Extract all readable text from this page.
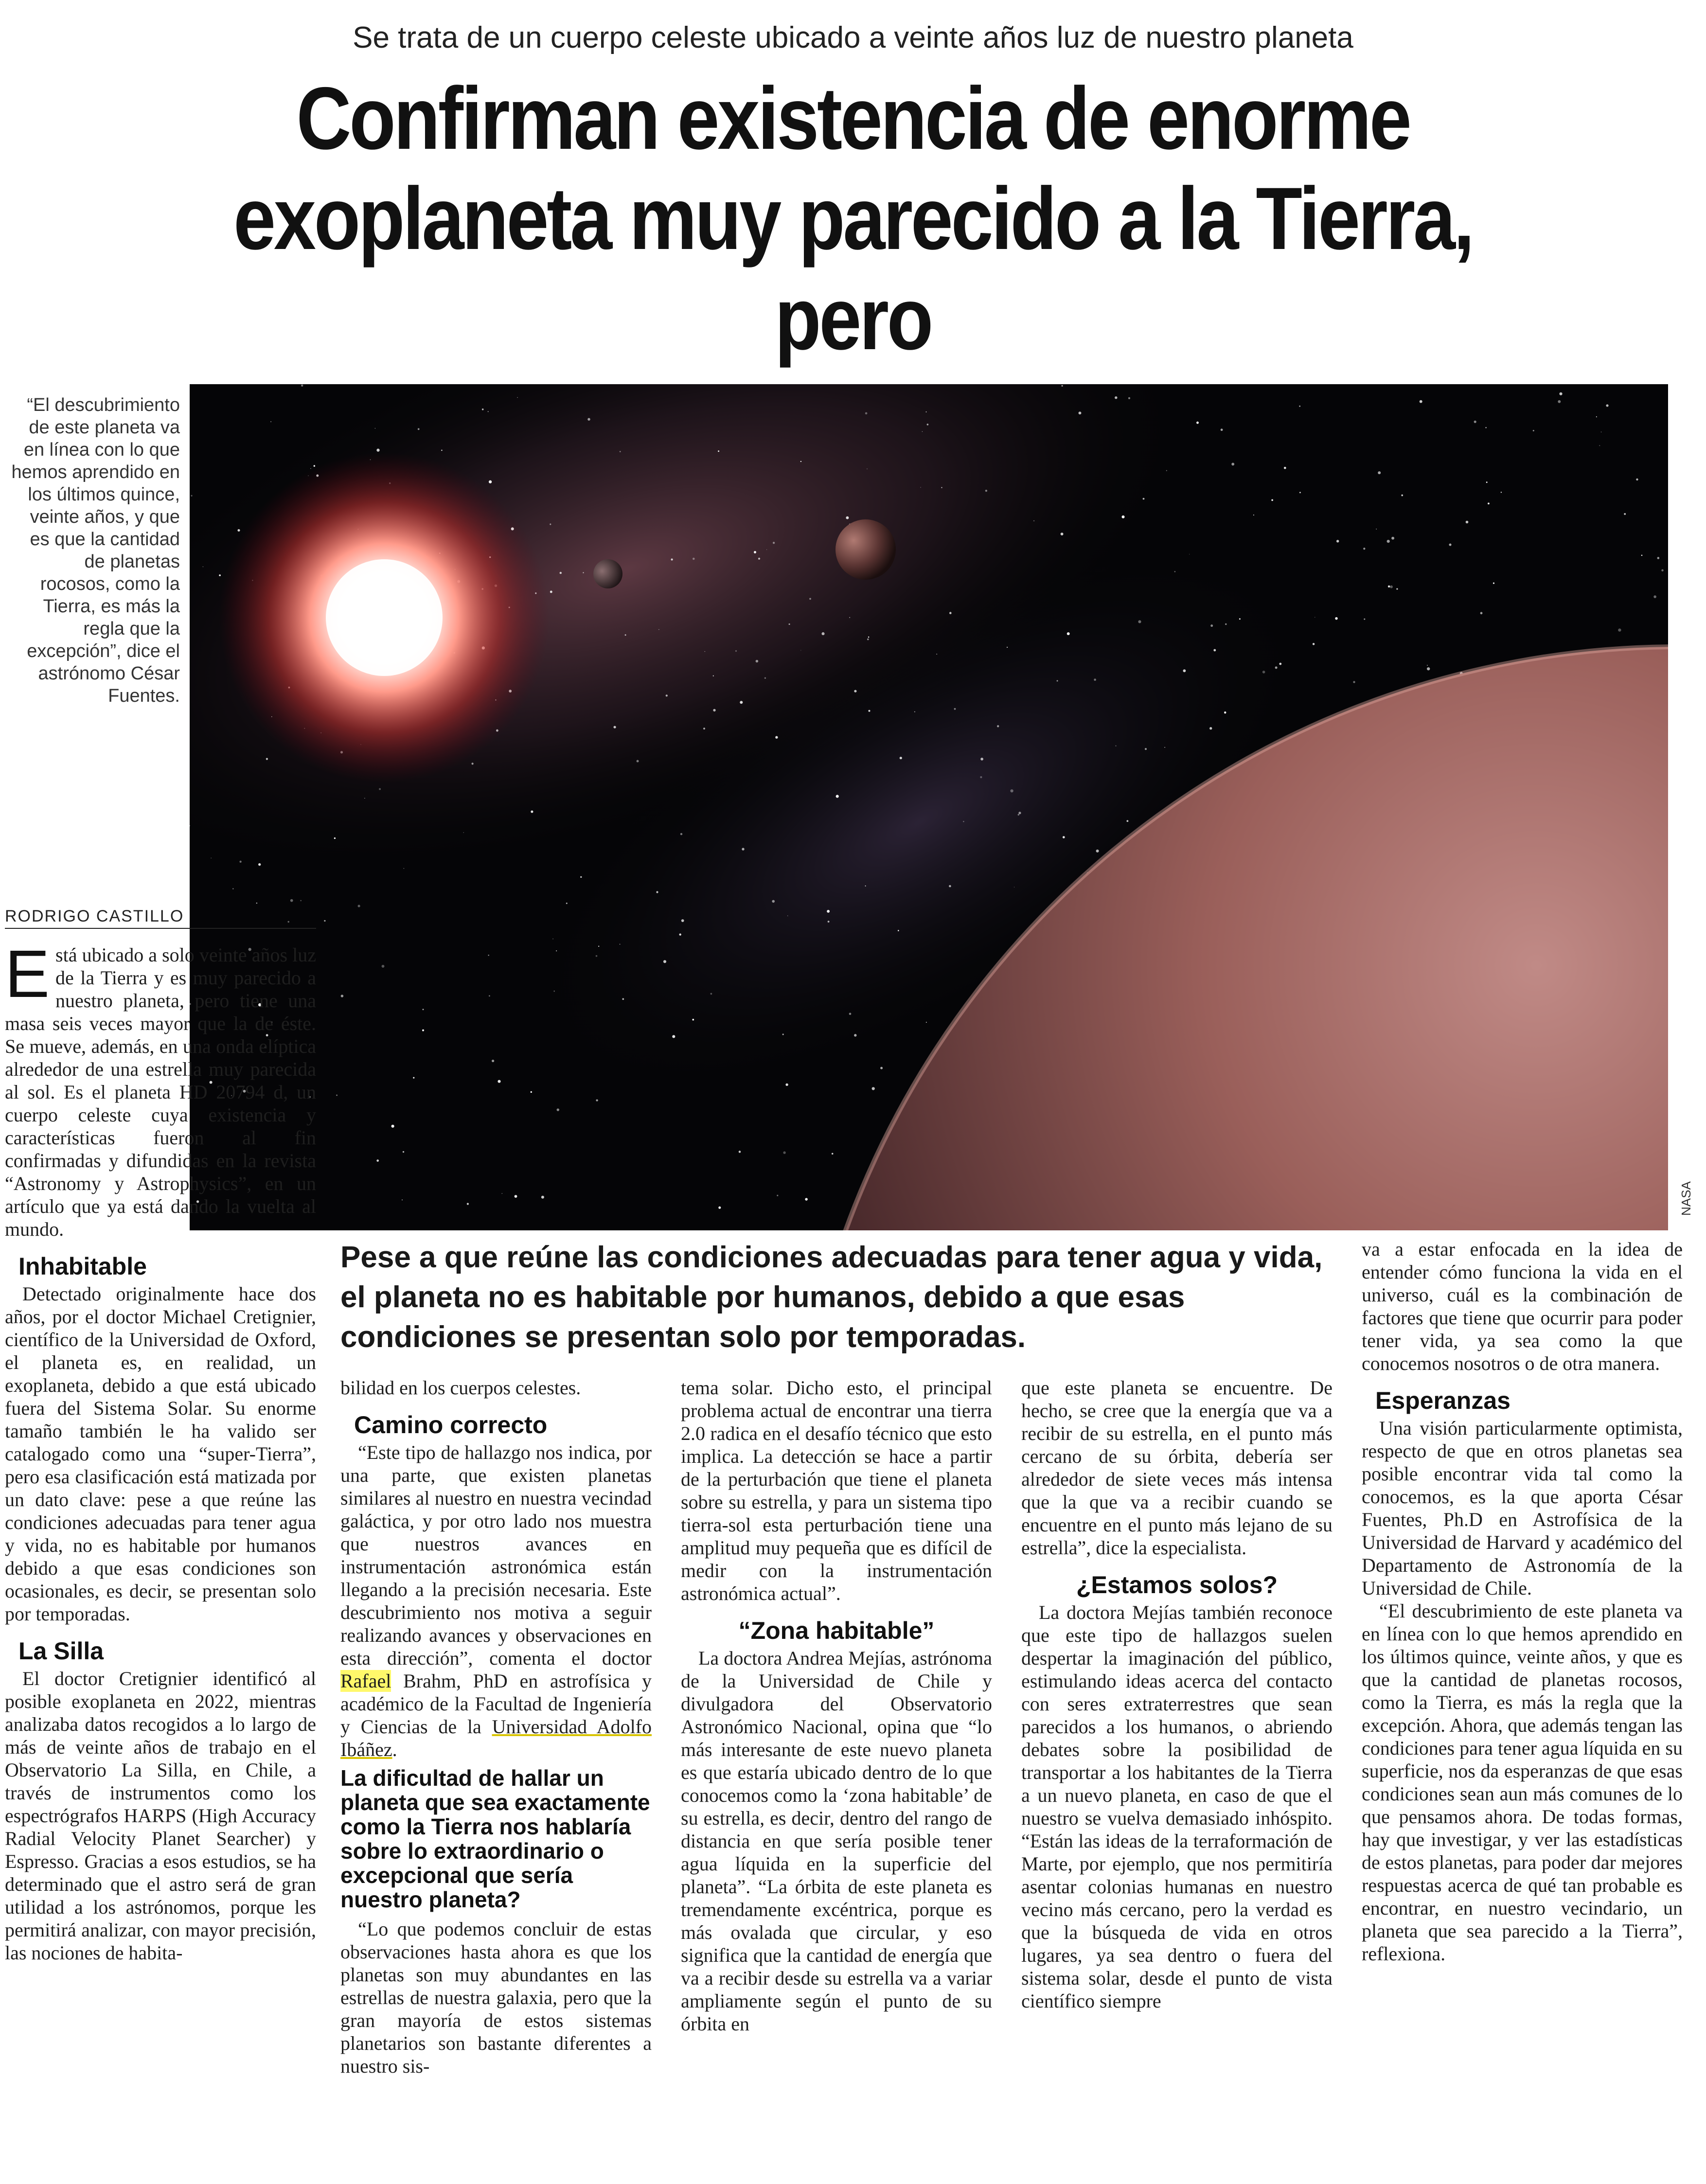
Se trata de un cuerpo celeste ubicado a veinte años luz de nuestro planeta
Confirman existencia de enorme
exoplaneta muy parecido a la Tierra, pero
“El descubrimiento de este planeta va en línea con lo que hemos aprendido en los últimos quince, veinte años, y que es que la cantidad de planetas rocosos, como la Tierra, es más la regla que la excepción”, dice el astrónomo César Fuentes.
NASA
RODRIGO CASTILLO

Está ubicado a solo veinte años luz de la Tierra y es muy parecido a nuestro planeta, pero tiene una masa seis veces mayor que la de éste. Se mueve, además, en una onda elíptica alrededor de una estrella muy parecida al sol. Es el planeta HD 20794 d, un cuerpo celeste cuya existencia y características fueron al fin confirmadas y difundidas en la revista “Astronomy y Astrophysics”, en un artículo que ya está dando la vuelta al mundo.

Inhabitable

Detectado originalmente hace dos años, por el doctor Michael Cretignier, científico de la Universidad de Oxford, el planeta es, en realidad, un exoplaneta, debido a que está ubicado fuera del Sistema Solar. Su enorme tamaño también le ha valido ser catalogado como una “super-Tierra”, pero esa clasificación está matizada por un dato clave: pese a que reúne las condiciones adecuadas para tener agua y vida, no es habitable por humanos debido a que esas condiciones son ocasionales, es decir, se presentan solo por temporadas.

La Silla

El doctor Cretignier identificó al posible exoplaneta en 2022, mientras analizaba datos recogidos a lo largo de más de veinte años de trabajo en el Observatorio La Silla, en Chile, a través de instrumentos como los espectrógrafos HARPS (High Accuracy Radial Velocity Planet Searcher) y Espresso. Gracias a esos estudios, se ha determinado que el astro será de gran utilidad a los astrónomos, porque les permitirá analizar, con mayor precisión, las nociones de habita-

Pese a que reúne las condiciones adecuadas para tener agua y vida, el planeta no es habitable por humanos, debido a que esas condiciones se presentan solo por temporadas.

bilidad en los cuerpos celestes.

Camino correcto

“Este tipo de hallazgo nos indica, por una parte, que existen planetas similares al nuestro en nuestra vecindad galáctica, y por otro lado nos muestra que nuestros avances en instrumentación astronómica están llegando a la precisión necesaria. Este descubrimiento nos motiva a seguir realizando avances y observaciones en esta dirección”, comenta el doctor Rafael Brahm, PhD en astrofísica y académico de la Facultad de Ingeniería y Ciencias de la Universidad Adolfo Ibáñez.

La dificultad de hallar un planeta que sea exactamente como la Tierra nos hablaría sobre lo extraordinario o excepcional que sería nuestro planeta?

“Lo que podemos concluir de estas observaciones hasta ahora es que los planetas son muy abundantes en las estrellas de nuestra galaxia, pero que la gran mayoría de estos sistemas planetarios son bastante diferentes a nuestro sis-

tema solar. Dicho esto, el principal problema actual de encontrar una tierra 2.0 radica en el desafío técnico que esto implica. La detección se hace a partir de la perturbación que tiene el planeta sobre su estrella, y para un sistema tipo tierra-sol esta perturbación tiene una amplitud muy pequeña que es difícil de medir con la instrumentación astronómica actual”.

“Zona habitable”

La doctora Andrea Mejías, astrónoma de la Universidad de Chile y divulgadora del Observatorio Astronómico Nacional, opina que “lo más interesante de este nuevo planeta es que estaría ubicado dentro de lo que conocemos como la ‘zona habitable’ de su estrella, es decir, dentro del rango de distancia en que sería posible tener agua líquida en la superficie del planeta”. “La órbita de este planeta es tremendamente excéntrica, porque es más ovalada que circular, y eso significa que la cantidad de energía que va a recibir desde su estrella va a variar ampliamente según el punto de su órbita en

que este planeta se encuentre. De hecho, se cree que la energía que va a recibir de su estrella, en el punto más cercano de su órbita, debería ser alrededor de siete veces más intensa que la que va a recibir cuando se encuentre en el punto más lejano de su estrella”, dice la especialista.

¿Estamos solos?

La doctora Mejías también reconoce que este tipo de hallazgos suelen despertar la imaginación del público, estimulando ideas acerca del contacto con seres extraterrestres que sean parecidos a los humanos, o abriendo debates sobre la posibilidad de transportar a los habitantes de la Tierra a un nuevo planeta, en caso de que el nuestro se vuelva demasiado inhóspito. “Están las ideas de la terraformación de Marte, por ejemplo, que nos permitiría asentar colonias humanas en nuestro vecino más cercano, pero la verdad es que la búsqueda de vida en otros lugares, ya sea dentro o fuera del sistema solar, desde el punto de vista científico siempre

va a estar enfocada en la idea de entender cómo funciona la vida en el universo, cuál es la combinación de factores que tiene que ocurrir para poder tener vida, ya sea como la que conocemos nosotros o de otra manera.

Esperanzas

Una visión particularmente optimista, respecto de que en otros planetas sea posible encontrar vida tal como la conocemos, es la que aporta César Fuentes, Ph.D en Astrofísica de la Universidad de Harvard y académico del Departamento de Astronomía de la Universidad de Chile.

“El descubrimiento de este planeta va en línea con lo que hemos aprendido en los últimos quince, veinte años, y que es que la cantidad de planetas rocosos, como la Tierra, es más la regla que la excepción. Ahora, que además tengan las condiciones para tener agua líquida en su superficie, nos da esperanzas de que esas condiciones sean aun más comunes de lo que pensamos ahora. De todas formas, hay que investigar, y ver las estadísticas de estos planetas, para poder dar mejores respuestas acerca de qué tan probable es encontrar, en nuestro vecindario, un planeta que sea parecido a la Tierra”, reflexiona.
